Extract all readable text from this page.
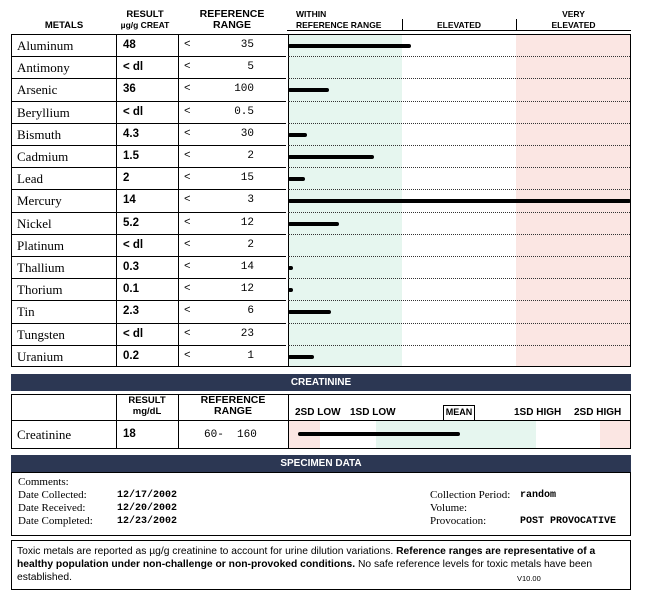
METALS
RESULT
µg/g CREAT
REFERENCE
RANGE
WITHIN
REFERENCE RANGE	ELEVATED
VERY
ELEVATED
Aluminum	48	<	35
Antimony	< dl	<	5
Arsenic	36	<	100
Beryllium	< dl	<	0.5
Bismuth	4.3	<	30
Cadmium	1.5	<	2
Lead	2	<	15
Mercury	14	<	3
Nickel	5.2	<	12
Platinum	< dl	<	2
Thallium	0.3	<	14
Thorium	0.1	<	12
Tin	2.3	<	6
Tungsten	< dl	<	23
Uranium	0.2	<	1
CREATININE
RESULT
mg/dL
REFERENCE
RANGE	2SD LOW 1SD LOW	MEAN	1SD HIGH 2SD HIGH
Creatinine	18	60-  160
SPECIMEN DATA
Comments:
Date Collected:	12/17/2002
Date Received:	12/20/2002
Date Completed: 12/23/2002
Collection Period: random
Volume:
Provocation:	POST PROVOCATIVE
Toxic metals are reported as µg/g creatinine to account for urine dilution variations. Reference ranges are representative of a healthy population under non-challenge or non-provoked conditions. No safe reference levels for toxic metals have been established.	V10.00
